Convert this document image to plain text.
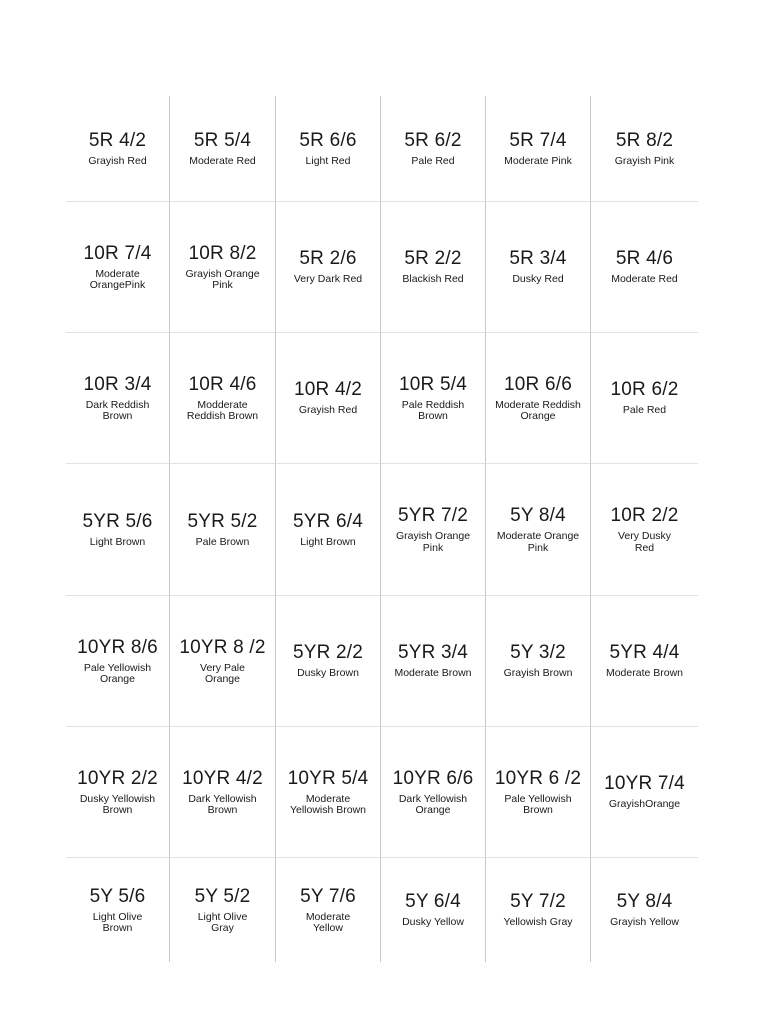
5R 4/2
Grayish Red
5R 5/4
Moderate Red
5R 6/6
Light Red
5R 6/2
Pale Red
5R 7/4
Moderate Pink
5R 8/2
Grayish Pink
10R 7/4
Moderate
OrangePink
10R 8/2
Grayish Orange
Pink
5R 2/6
Very Dark Red
5R 2/2
Blackish Red
5R 3/4
Dusky Red
5R 4/6
Moderate Red
10R 3/4
Dark Reddish
Brown
10R 4/6
Modderate
Reddish Brown
10R 4/2
Grayish Red
10R 5/4
Pale Reddish
Brown
10R 6/6
Moderate Reddish
Orange
10R 6/2
Pale Red
5YR 5/6
Light Brown
5YR 5/2
Pale Brown
5YR 6/4
Light Brown
5YR 7/2
Grayish Orange
Pink
5Y 8/4
Moderate Orange
Pink
10R 2/2
Very Dusky
Red
10YR 8/6
Pale Yellowish
Orange
10YR 8 /2
Very Pale
Orange
5YR 2/2
Dusky Brown
5YR 3/4
Moderate Brown
5Y 3/2
Grayish Brown
5YR 4/4
Moderate Brown
10YR 2/2
Dusky Yellowish
Brown
10YR 4/2
Dark Yellowish
Brown
10YR 5/4
Moderate
Yellowish Brown
10YR 6/6
Dark Yellowish
Orange
10YR 6 /2
Pale Yellowish
Brown
10YR 7/4
GrayishOrange
5Y 5/6
Light Olive
Brown
5Y 5/2
Light Olive
Gray
5Y 7/6
Moderate
Yellow
5Y 6/4
Dusky Yellow
5Y 7/2
Yellowish Gray
5Y 8/4
Grayish Yellow
